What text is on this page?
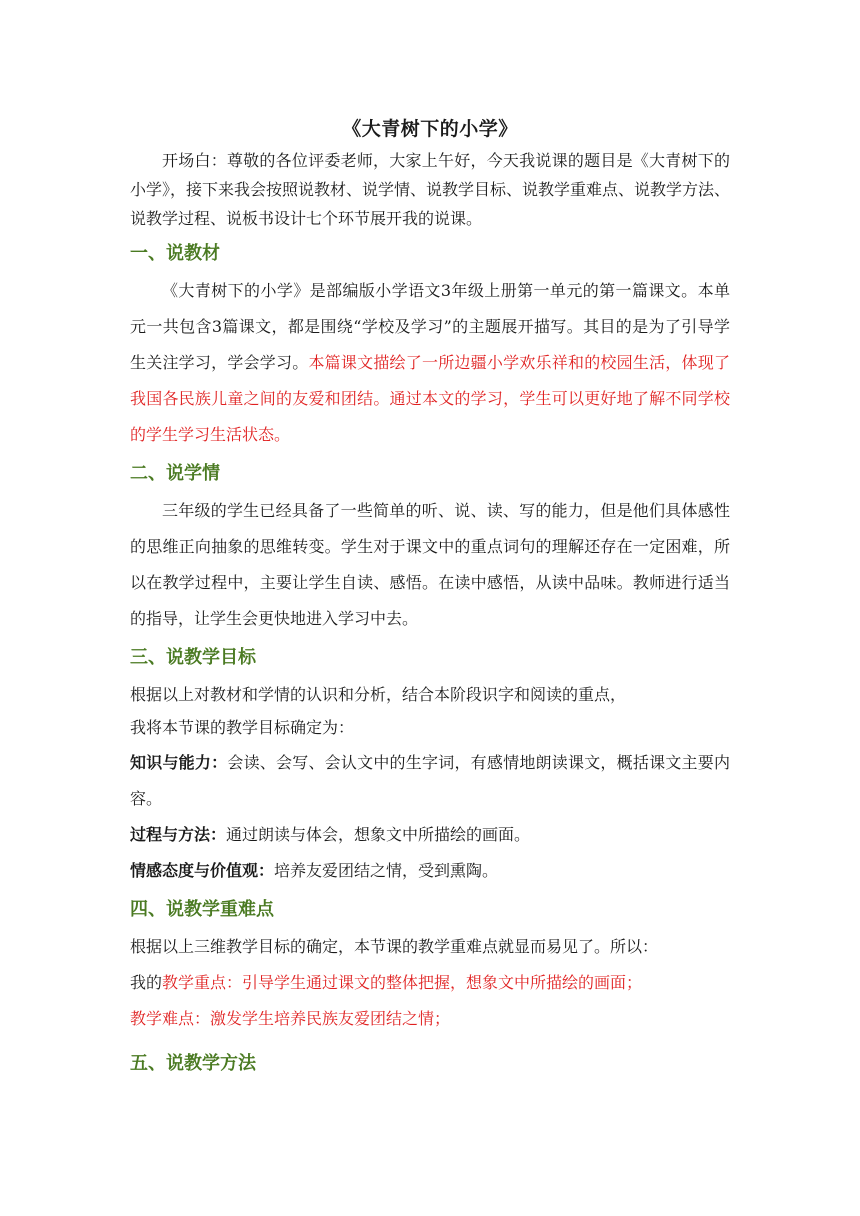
《大青树下的小学》

开场白：尊敬的各位评委老师，大家上午好，今天我说课的题目是《大青树下的小学》，接下来我会按照说教材、说学情、说教学目标、说教学重难点、说教学方法、说教学过程、说板书设计七个环节展开我的说课。

一、说教材

《大青树下的小学》是部编版小学语文3年级上册第一单元的第一篇课文。本单元一共包含3篇课文，都是围绕“学校及学习”的主题展开描写。其目的是为了引导学生关注学习，学会学习。本篇课文描绘了一所边疆小学欢乐祥和的校园生活，体现了我国各民族儿童之间的友爱和团结。通过本文的学习，学生可以更好地了解不同学校的学生学习生活状态。

二、说学情

三年级的学生已经具备了一些简单的听、说、读、写的能力，但是他们具体感性的思维正向抽象的思维转变。学生对于课文中的重点词句的理解还存在一定困难，所以在教学过程中，主要让学生自读、感悟。在读中感悟，从读中品味。教师进行适当的指导，让学生会更快地进入学习中去。

三、说教学目标

根据以上对教材和学情的认识和分析，结合本阶段识字和阅读的重点，

我将本节课的教学目标确定为：

知识与能力：会读、会写、会认文中的生字词，有感情地朗读课文，概括课文主要内容。

过程与方法：通过朗读与体会，想象文中所描绘的画面。

情感态度与价值观：培养友爱团结之情，受到熏陶。

四、说教学重难点

根据以上三维教学目标的确定，本节课的教学重难点就显而易见了。所以：

我的教学重点：引导学生通过课文的整体把握，想象文中所描绘的画面；

教学难点：激发学生培养民族友爱团结之情；

五、说教学方法
